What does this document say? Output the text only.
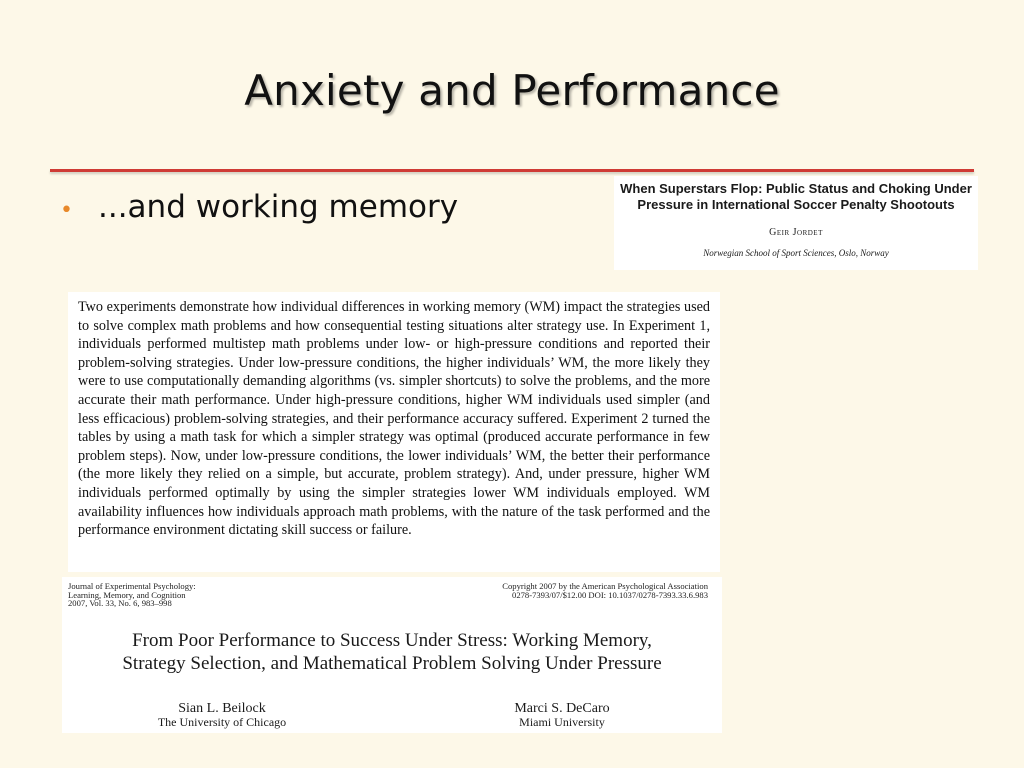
Anxiety and Performance
• ...and working memory
When Superstars Flop: Public Status and Choking Under
Pressure in International Soccer Penalty Shootouts
Geir Jordet
Norwegian School of Sport Sciences, Oslo, Norway

Two experiments demonstrate how individual differences in working memory (WM) impact the strategies used to solve complex math problems and how consequential testing situations alter strategy use. In Experiment 1, individuals performed multistep math problems under low- or high-pressure conditions and reported their problem-solving strategies. Under low-pressure conditions, the higher individuals’ WM, the more likely they were to use computationally demanding algorithms (vs. simpler shortcuts) to solve the problems, and the more accurate their math performance. Under high-pressure conditions, higher WM individuals used simpler (and less efficacious) problem-solving strategies, and their performance accuracy suffered. Experiment 2 turned the tables by using a math task for which a simpler strategy was optimal (produced accurate performance in few problem steps). Now, under low-pressure conditions, the lower individuals’ WM, the better their performance (the more likely they relied on a simple, but accurate, problem strategy). And, under pressure, higher WM individuals performed optimally by using the simpler strategies lower WM individuals employed. WM availability influences how individuals approach math problems, with the nature of the task performed and the performance environment dictating skill success or failure.

Journal of Experimental Psychology:
Learning, Memory, and Cognition
2007, Vol. 33, No. 6, 983–998
Copyright 2007 by the American Psychological Association
0278-7393/07/$12.00 DOI: 10.1037/0278-7393.33.6.983
From Poor Performance to Success Under Stress: Working Memory,
Strategy Selection, and Mathematical Problem Solving Under Pressure
Sian L. Beilock
The University of Chicago
Marci S. DeCaro
Miami University
